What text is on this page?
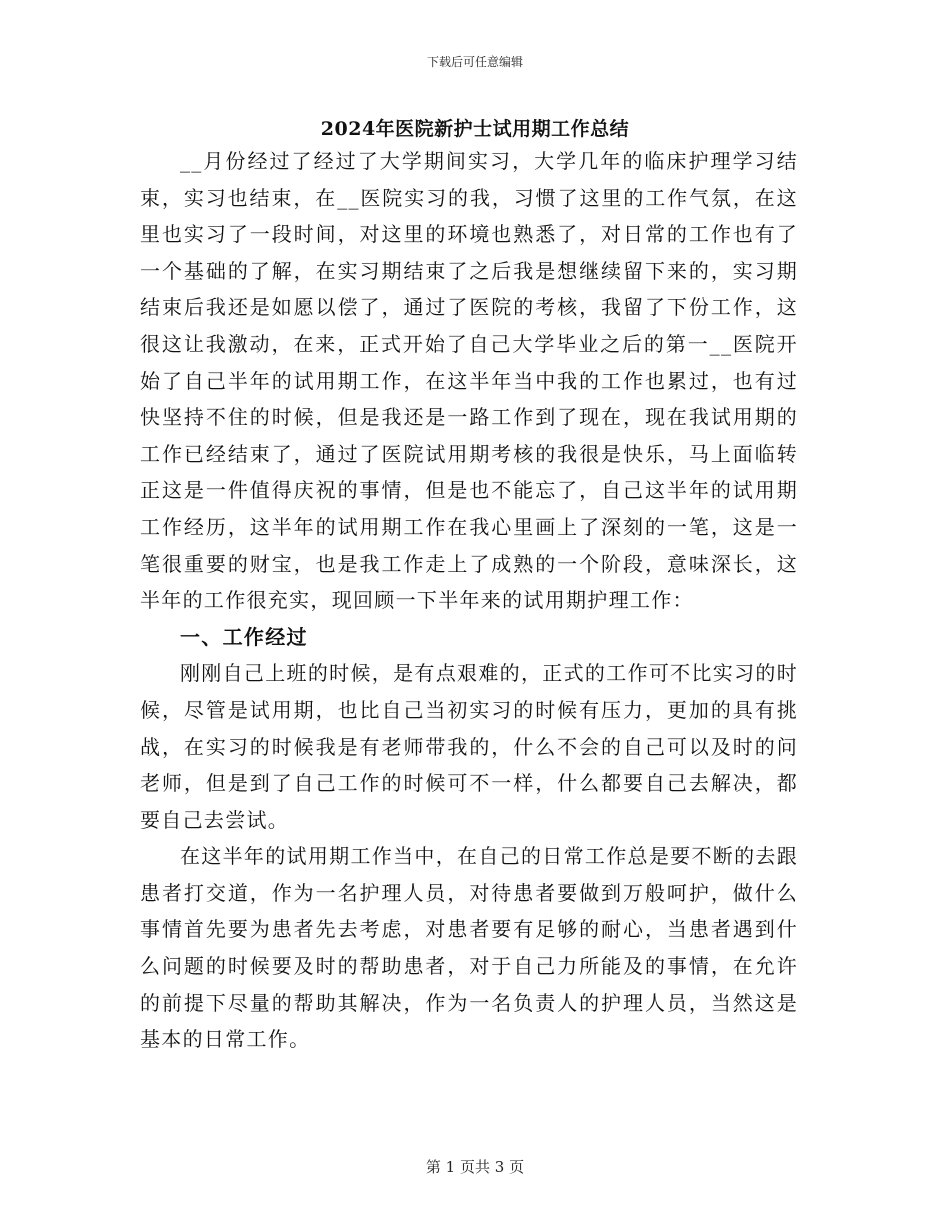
下载后可任意编辑
2024年医院新护士试用期工作总结

__月份经过了经过了大学期间实习，大学几年的临床护理学习结束，实习也结束，在__医院实习的我，习惯了这里的工作气氛，在这里也实习了一段时间，对这里的环境也熟悉了，对日常的工作也有了一个基础的了解，在实习期结束了之后我是想继续留下来的，实习期结束后我还是如愿以偿了，通过了医院的考核，我留了下份工作，这很这让我激动，在来，正式开始了自己大学毕业之后的第一__医院开始了自己半年的试用期工作，在这半年当中我的工作也累过，也有过快坚持不住的时候，但是我还是一路工作到了现在，现在我试用期的工作已经结束了，通过了医院试用期考核的我很是快乐，马上面临转正这是一件值得庆祝的事情，但是也不能忘了，自己这半年的试用期工作经历，这半年的试用期工作在我心里画上了深刻的一笔，这是一笔很重要的财宝，也是我工作走上了成熟的一个阶段，意味深长，这半年的工作很充实，现回顾一下半年来的试用期护理工作：

一、工作经过

刚刚自己上班的时候，是有点艰难的，正式的工作可不比实习的时候，尽管是试用期，也比自己当初实习的时候有压力，更加的具有挑战，在实习的时候我是有老师带我的，什么不会的自己可以及时的问老师，但是到了自己工作的时候可不一样，什么都要自己去解决，都要自己去尝试。

在这半年的试用期工作当中，在自己的日常工作总是要不断的去跟患者打交道，作为一名护理人员，对待患者要做到万般呵护，做什么事情首先要为患者先去考虑，对患者要有足够的耐心，当患者遇到什么问题的时候要及时的帮助患者，对于自己力所能及的事情，在允许的前提下尽量的帮助其解决，作为一名负责人的护理人员，当然这是基本的日常工作。

第 1 页共 3 页
